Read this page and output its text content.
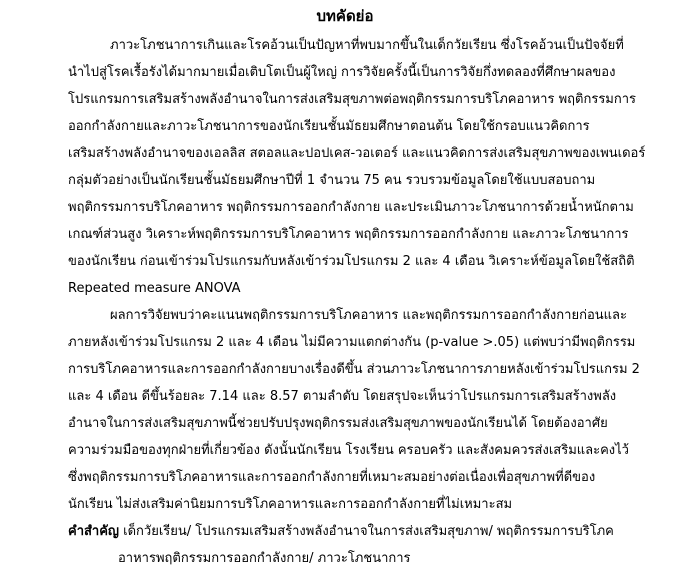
บทคัดย่อ
ภาวะโภชนาการเกินและโรคอ้วนเป็นปัญหาที่พบมากขึ้นในเด็กวัยเรียน ซึ่งโรคอ้วนเป็นปัจจัยที่
นำไปสู่โรคเรื้อรังได้มากมายเมื่อเติบโตเป็นผู้ใหญ่ การวิจัยครั้งนี้เป็นการวิจัยกึ่งทดลองที่ศึกษาผลของ
โปรแกรมการเสริมสร้างพลังอำนาจในการส่งเสริมสุขภาพต่อพฤติกรรมการบริโภคอาหาร พฤติกรรมการ
ออกกำลังกายและภาวะโภชนาการของนักเรียนชั้นมัธยมศึกษาตอนต้น โดยใช้กรอบแนวคิดการ
เสริมสร้างพลังอำนาจของเอลลิส สตอลและปอปเคส-วอเตอร์ และแนวคิดการส่งเสริมสุขภาพของเพนเดอร์
กลุ่มตัวอย่างเป็นนักเรียนชั้นมัธยมศึกษาปีที่ 1 จำนวน 75 คน รวบรวมข้อมูลโดยใช้แบบสอบถาม
พฤติกรรมการบริโภคอาหาร พฤติกรรมการออกกำลังกาย และประเมินภาวะโภชนาการด้วยน้ำหนักตาม
เกณฑ์ส่วนสูง วิเคราะห์พฤติกรรมการบริโภคอาหาร พฤติกรรมการออกกำลังกาย และภาวะโภชนาการ
ของนักเรียน ก่อนเข้าร่วมโปรแกรมกับหลังเข้าร่วมโปรแกรม 2 และ 4 เดือน วิเคราะห์ข้อมูลโดยใช้สถิติ
Repeated measure ANOVA
ผลการวิจัยพบว่าคะแนนพฤติกรรมการบริโภคอาหาร และพฤติกรรมการออกกำลังกายก่อนและ
ภายหลังเข้าร่วมโปรแกรม 2 และ 4 เดือน ไม่มีความแตกต่างกัน (p-value >.05) แต่พบว่ามีพฤติกรรม
การบริโภคอาหารและการออกกำลังกายบางเรื่องดีขึ้น ส่วนภาวะโภชนาการภายหลังเข้าร่วมโปรแกรม 2
และ 4 เดือน ดีขึ้นร้อยละ 7.14 และ 8.57 ตามลำดับ โดยสรุปจะเห็นว่าโปรแกรมการเสริมสร้างพลัง
อำนาจในการส่งเสริมสุขภาพนี้ช่วยปรับปรุงพฤติกรรมส่งเสริมสุขภาพของนักเรียนได้ โดยต้องอาศัย
ความร่วมมือของทุกฝ่ายที่เกี่ยวข้อง ดังนั้นนักเรียน โรงเรียน ครอบครัว และสังคมควรส่งเสริมและคงไว้
ซึ่งพฤติกรรมการบริโภคอาหารและการออกกำลังกายที่เหมาะสมอย่างต่อเนื่องเพื่อสุขภาพที่ดีของ
นักเรียน ไม่ส่งเสริมค่านิยมการบริโภคอาหารและการออกกำลังกายที่ไม่เหมาะสม
คำสำคัญ เด็กวัยเรียน/ โปรแกรมเสริมสร้างพลังอำนาจในการส่งเสริมสุขภาพ/ พฤติกรรมการบริโภค
อาหารพฤติกรรมการออกกำลังกาย/ ภาวะโภชนาการ
